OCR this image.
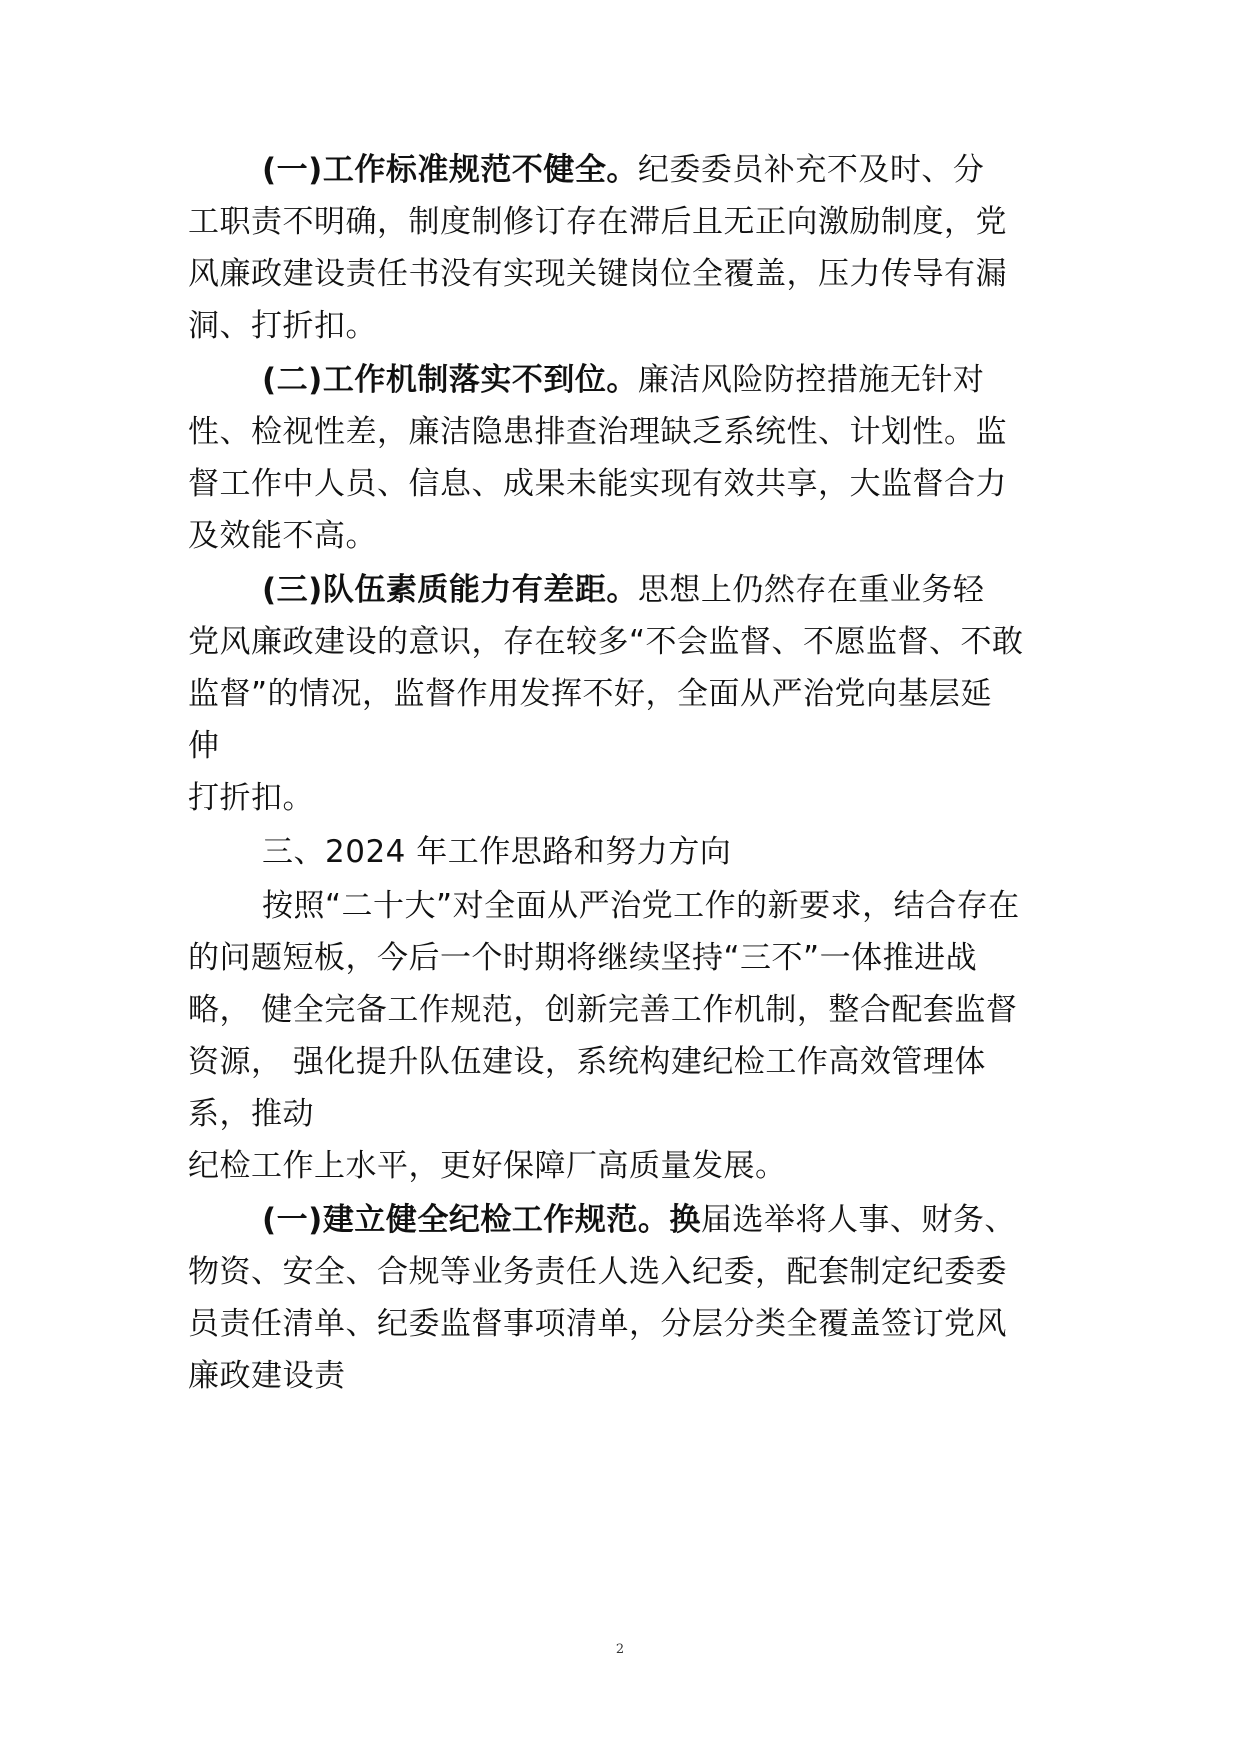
(一)工作标准规范不健全。纪委委员补充不及时、分
工职责不明确，制度制修订存在滞后且无正向激励制度，党
风廉政建设责任书没有实现关键岗位全覆盖，压力传导有漏
洞、打折扣。
(二)工作机制落实不到位。廉洁风险防控措施无针对
性、检视性差，廉洁隐患排查治理缺乏系统性、计划性。监
督工作中人员、信息、成果未能实现有效共享，大监督合力
及效能不高。
(三)队伍素质能力有差距。思想上仍然存在重业务轻
党风廉政建设的意识，存在较多“不会监督、不愿监督、不敢
监督”的情况，监督作用发挥不好，全面从严治党向基层延
伸
打折扣。
三、2024 年工作思路和努力方向
按照“二十大”对全面从严治党工作的新要求，结合存在
的问题短板，今后一个时期将继续坚持“三不”一体推进战
略， 健全完备工作规范，创新完善工作机制，整合配套监督
资源， 强化提升队伍建设，系统构建纪检工作高效管理体
系，推动
纪检工作上水平，更好保障厂高质量发展。
(一)建立健全纪检工作规范。换届选举将人事、财务、
物资、安全、合规等业务责任人选入纪委，配套制定纪委委
员责任清单、纪委监督事项清单，分层分类全覆盖签订党风
廉政建设责
2
